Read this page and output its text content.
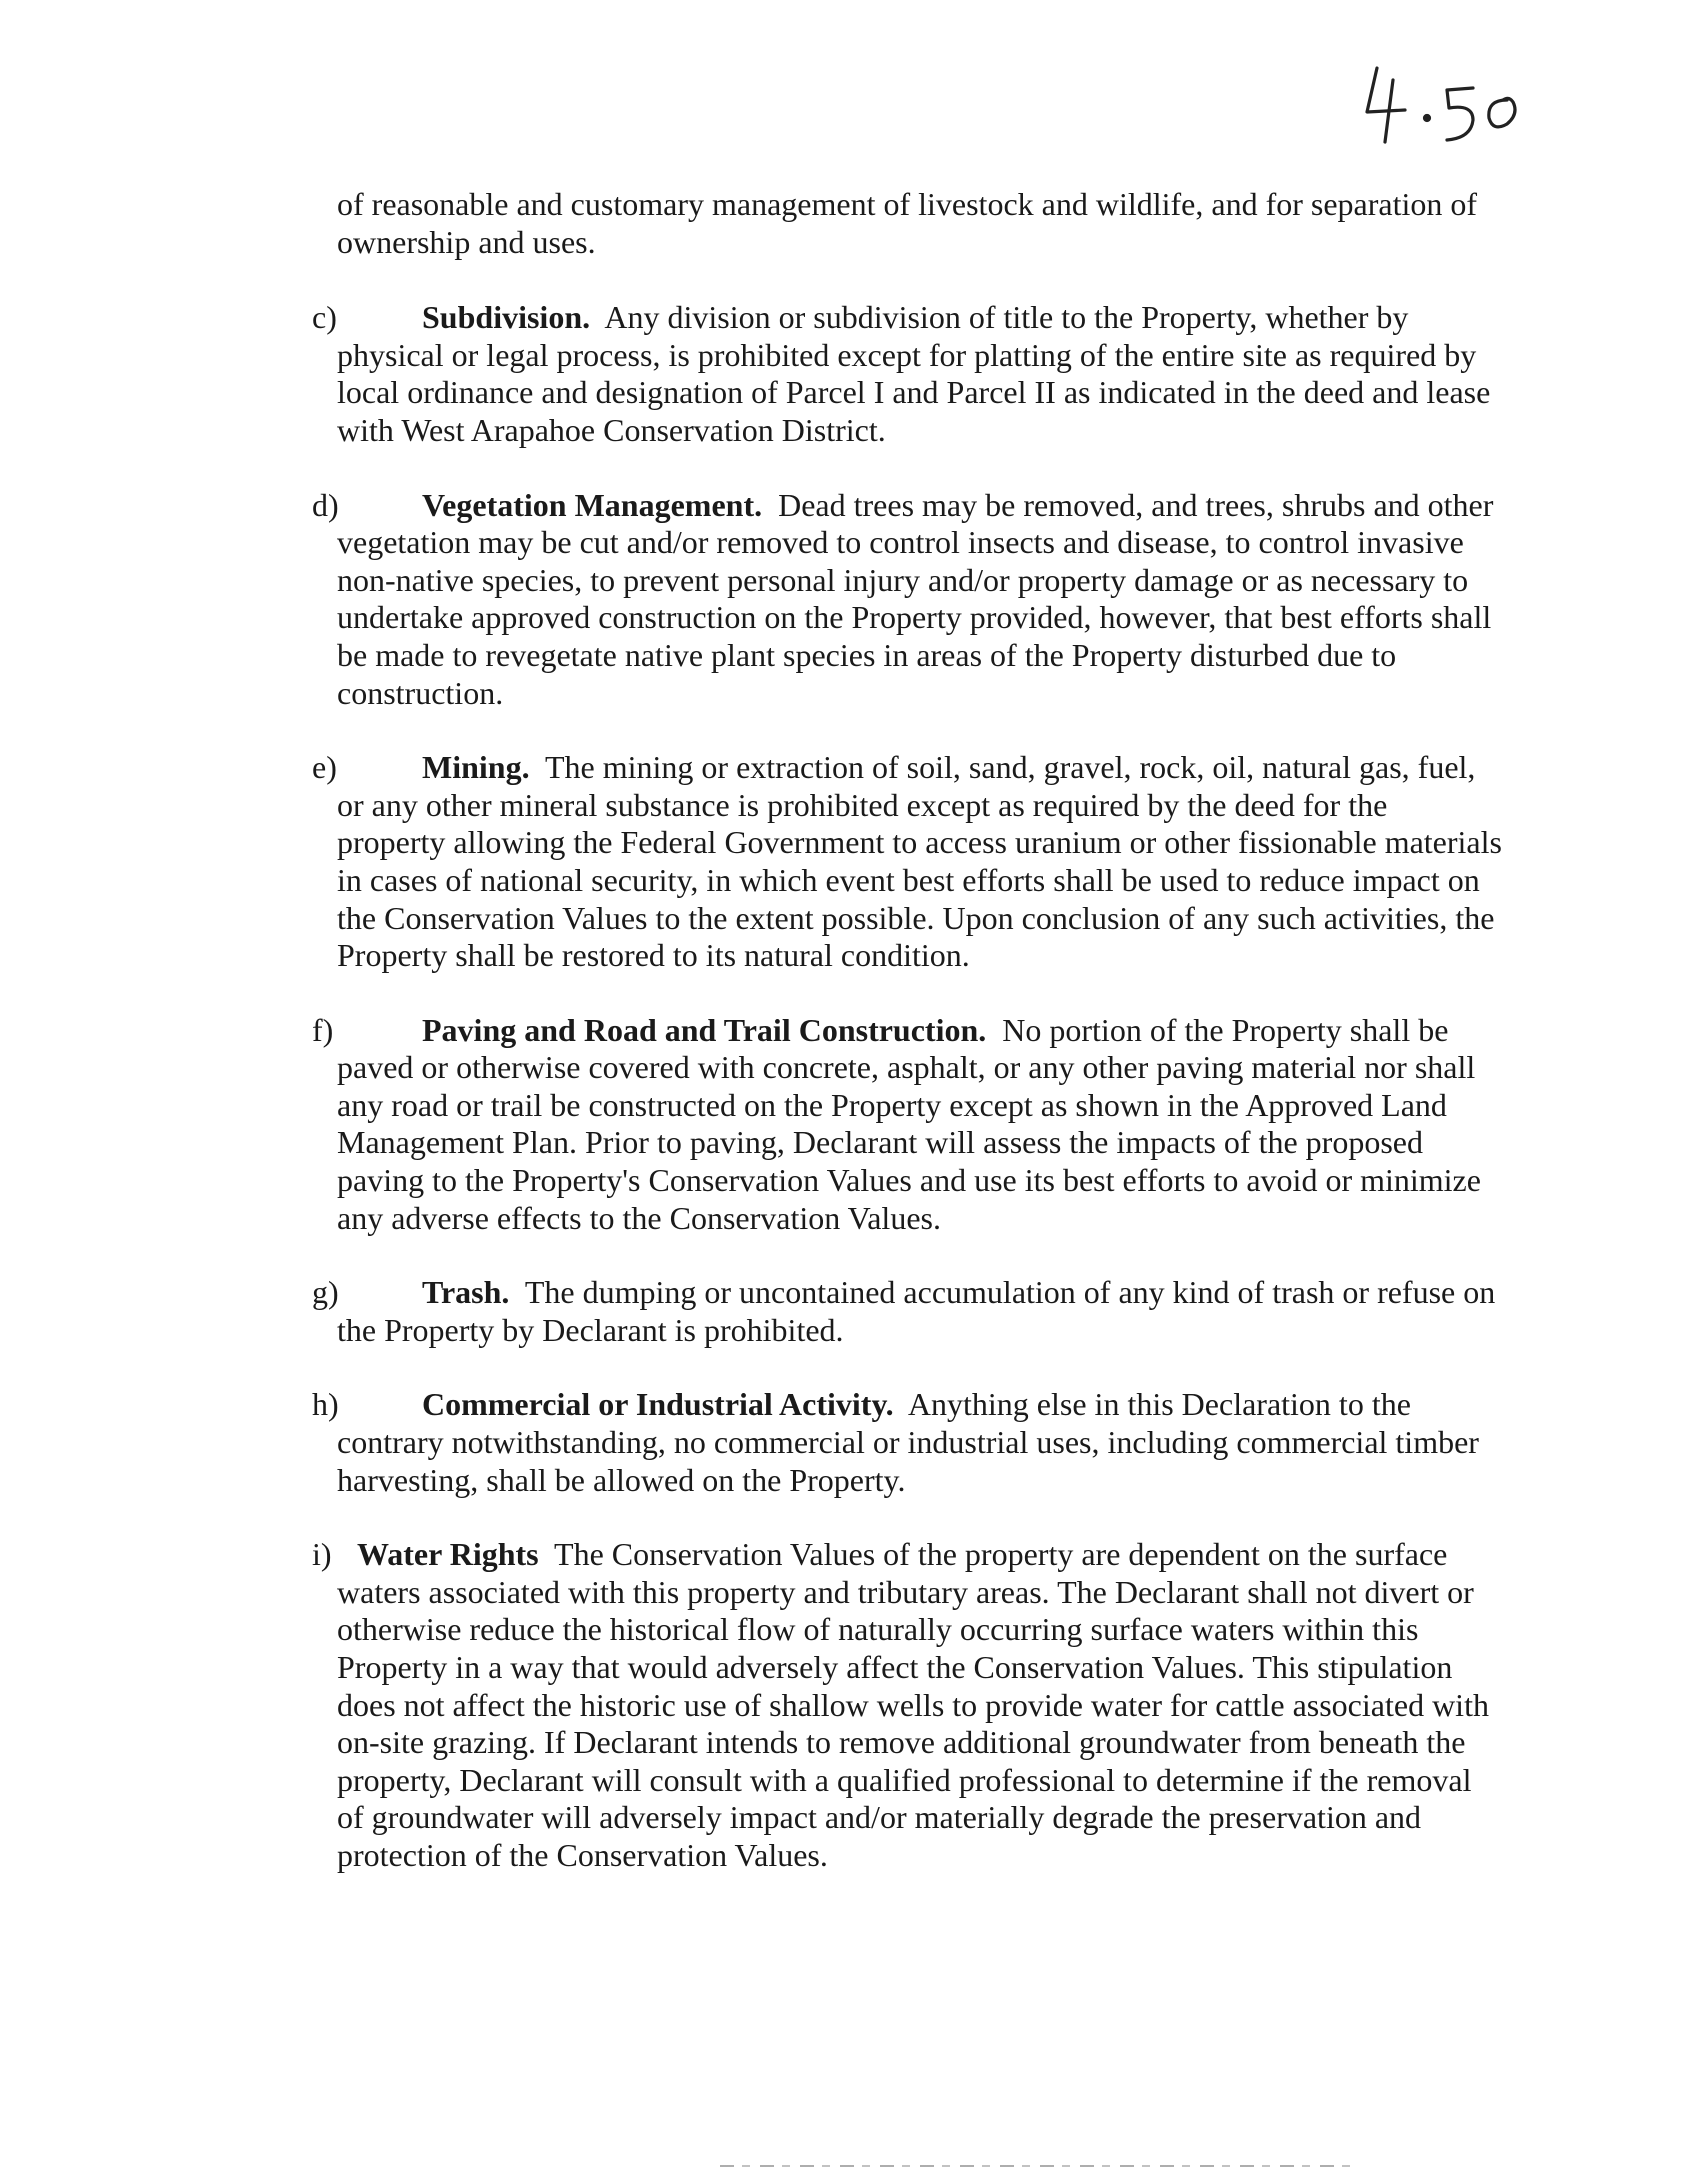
of reasonable and customary management of livestock and wildlife, and for separation of ownership and uses.

c)	Subdivision. Any division or subdivision of title to the Property, whether by physical or legal process, is prohibited except for platting of the entire site as required by local ordinance and designation of Parcel I and Parcel II as indicated in the deed and lease with West Arapahoe Conservation District.
d)	Vegetation Management. Dead trees may be removed, and trees, shrubs and other vegetation may be cut and/or removed to control insects and disease, to control invasive non-native species, to prevent personal injury and/or property damage or as necessary to undertake approved construction on the Property provided, however, that best efforts shall be made to revegetate native plant species in areas of the Property disturbed due to construction.
e)	Mining. The mining or extraction of soil, sand, gravel, rock, oil, natural gas, fuel, or any other mineral substance is prohibited except as required by the deed for the property allowing the Federal Government to access uranium or other fissionable materials in cases of national security, in which event best efforts shall be used to reduce impact on the Conservation Values to the extent possible. Upon conclusion of any such activities, the Property shall be restored to its natural condition.
f)	Paving and Road and Trail Construction. No portion of the Property shall be paved or otherwise covered with concrete, asphalt, or any other paving material nor shall any road or trail be constructed on the Property except as shown in the Approved Land Management Plan. Prior to paving, Declarant will assess the impacts of the proposed paving to the Property's Conservation Values and use its best efforts to avoid or minimize any adverse effects to the Conservation Values.
g)	Trash. The dumping or uncontained accumulation of any kind of trash or refuse on the Property by Declarant is prohibited.
h)	Commercial or Industrial Activity. Anything else in this Declaration to the contrary notwithstanding, no commercial or industrial uses, including commercial timber harvesting, shall be allowed on the Property.
i) Water Rights The Conservation Values of the property are dependent on the surface waters associated with this property and tributary areas. The Declarant shall not divert or otherwise reduce the historical flow of naturally occurring surface waters within this Property in a way that would adversely affect the Conservation Values. This stipulation does not affect the historic use of shallow wells to provide water for cattle associated with on-site grazing. If Declarant intends to remove additional groundwater from beneath the property, Declarant will consult with a qualified professional to determine if the removal of groundwater will adversely impact and/or materially degrade the preservation and protection of the Conservation Values.
